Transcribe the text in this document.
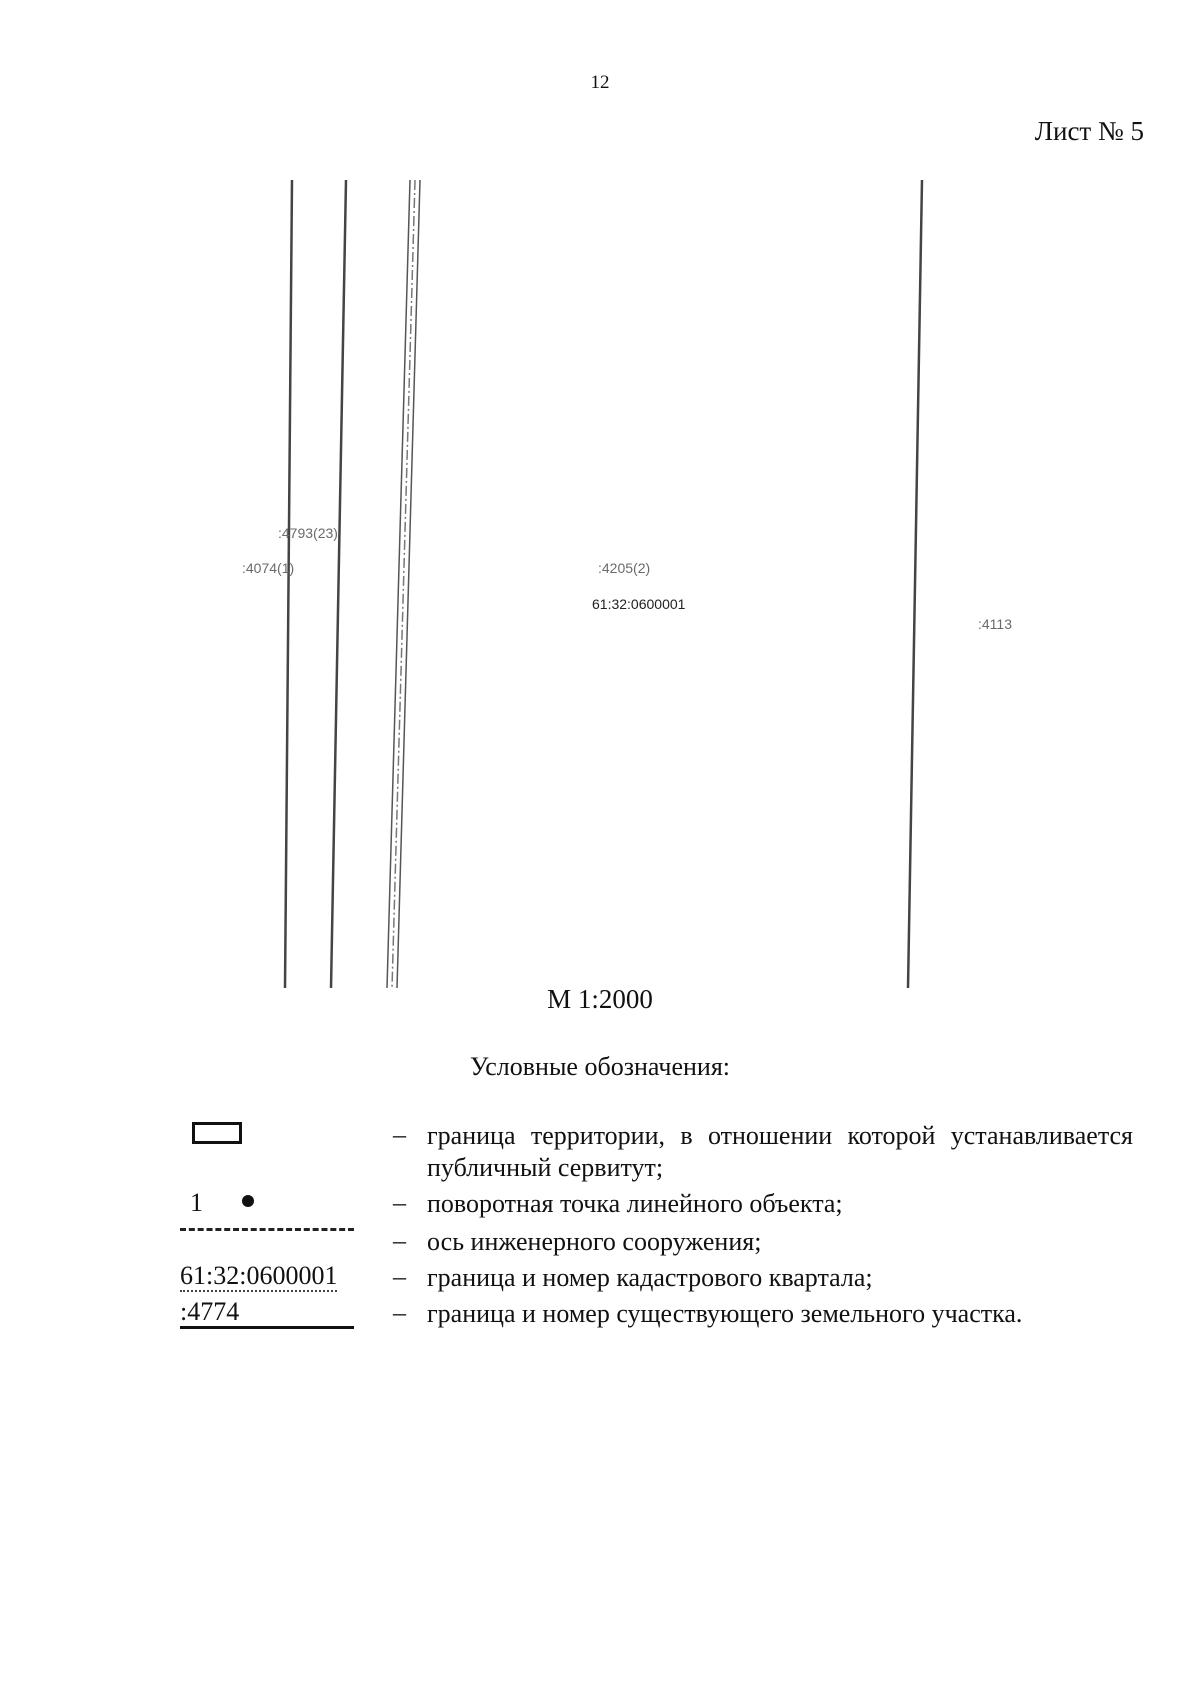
12
Лист № 5
:4793(23)
:4074(1)	:4205(2)
61:32:0600001
:4113
М 1:2000
Условные обозначения:
– граница территории, в отношении которой устанавливается публичный сервитут;
1	– поворотная точка линейного объекта;
– ось инженерного сооружения;
61:32:0600001 – граница и номер кадастрового квартала;
:4774	– граница и номер существующего земельного участка.
